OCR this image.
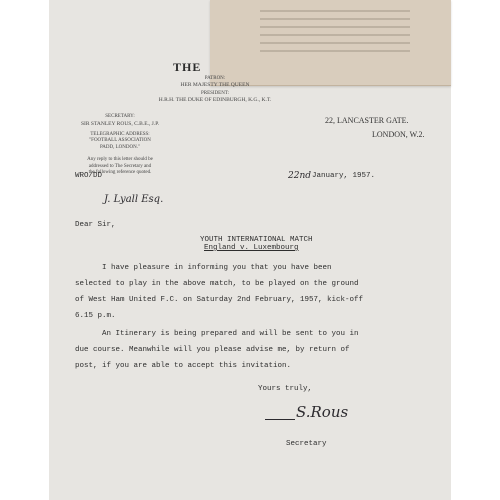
THE
PATRON:
HER MAJESTY THE QUEEN
PRESIDENT:
H.R.H. THE DUKE OF EDINBURGH, K.G., K.T.
SECRETARY:
SIR STANLEY ROUS, C.B.E., J.P.
TELEGRAPHIC ADDRESS:
"FOOTBALL ASSOCIATION
PADD, LONDON."
Any reply to this letter should be
addressed to The Secretary and
the following reference quoted.
22, LANCASTER GATE.
LONDON, W.2.
WRO/DD	22nd January, 1957.
J. Lyall Esq.
Dear Sir,
YOUTH INTERNATIONAL MATCH
England v. Luxembourg
I have pleasure in informing you that you have been
selected to play in the above match, to be played on the ground
of West Ham United F.C. on Saturday 2nd February, 1957, kick-off
6.15 p.m.
An Itinerary is being prepared and will be sent to you in
due course. Meanwhile will you please advise me, by return of
post, if you are able to accept this invitation.
Yours truly,
S.Rous
Secretary
